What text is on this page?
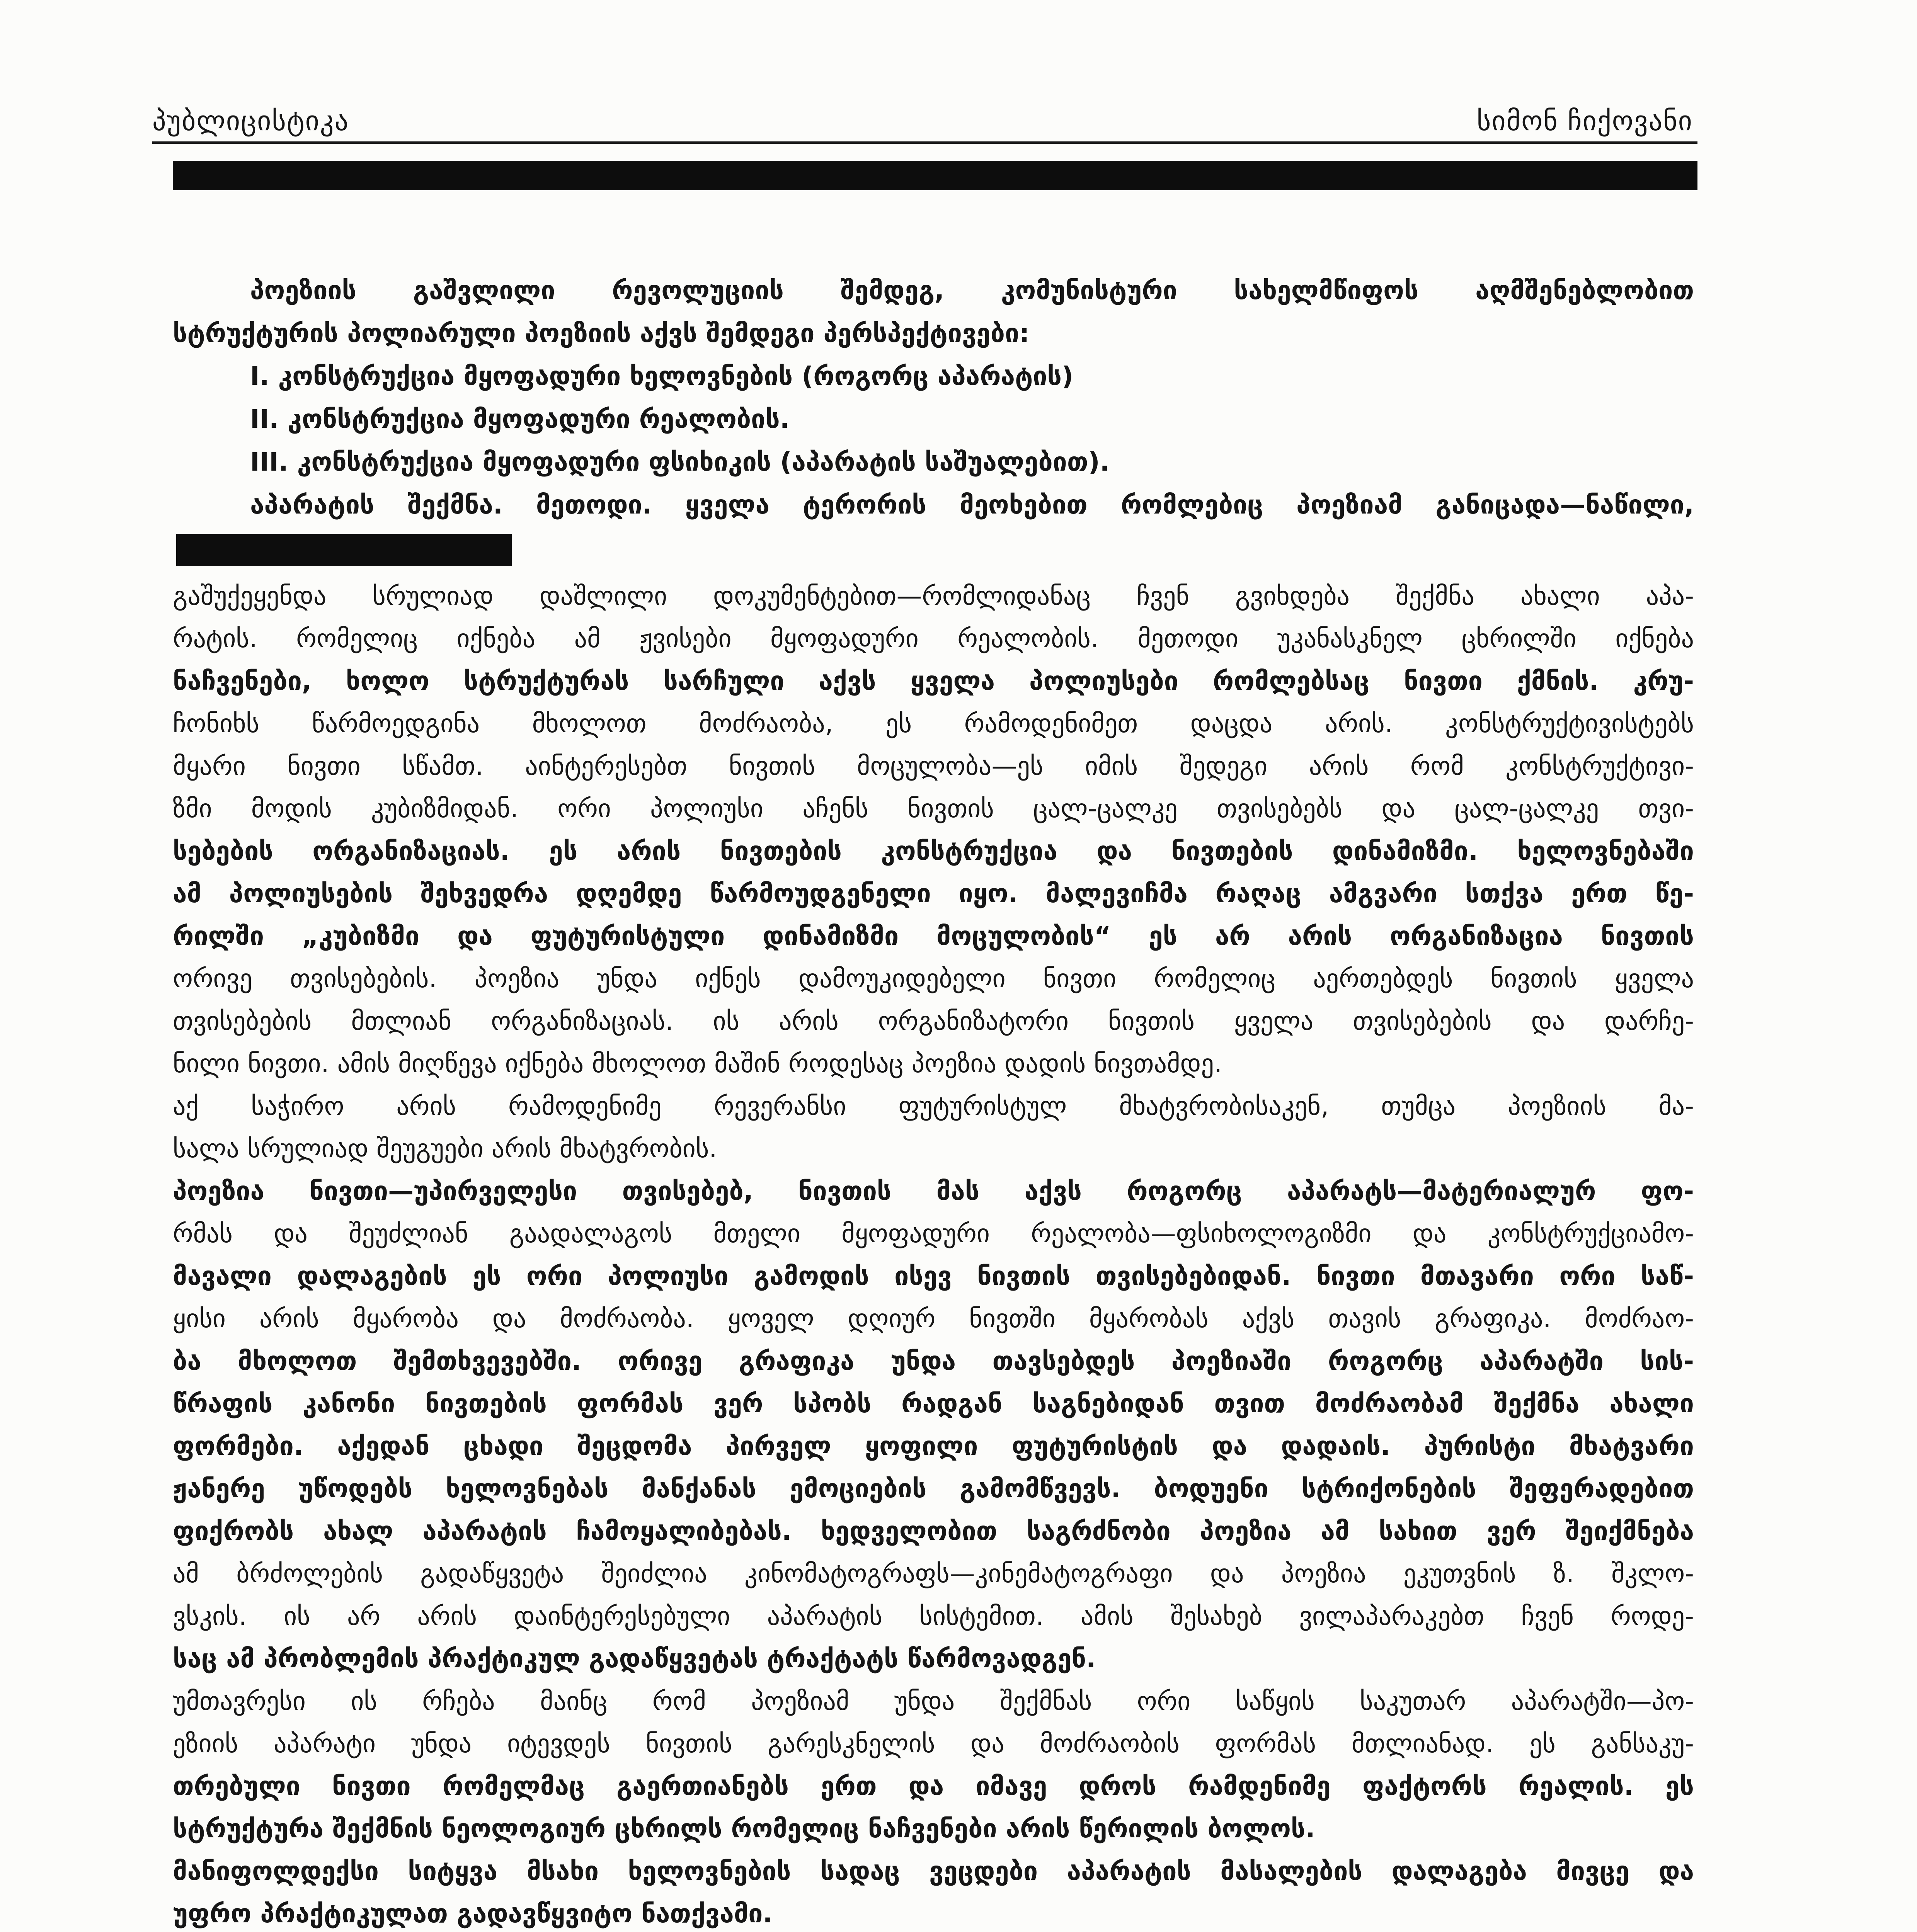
პუბლიცისტიკა	სიმონ ჩიქოვანი
პოეზიის გაშვლილი რევოლუციის შემდეგ, კომუნისტური სახელმწიფოს აღმშენებლობით
სტრუქტურის პოლიარული პოეზიის აქვს შემდეგი პერსპექტივები:
I. კონსტრუქცია მყოფადური ხელოვნების (როგორც აპარატის)
II. კონსტრუქცია მყოფადური რეალობის.
III. კონსტრუქცია მყოფადური ფსიხიკის (აპარატის საშუალებით).
აპარატის შექმნა. მეთოდი. ყველა ტერორის მეოხებით რომლებიც პოეზიამ განიცადა—ნაწილი,
გაშუქეყენდა სრულიად დაშლილი დოკუმენტებით—რომლიდანაც ჩვენ გვიხდება შექმნა ახალი აპა-
რატის. რომელიც იქნება ამ ჟვისები მყოფადური რეალობის. მეთოდი უკანასკნელ ცხრილში იქნება
ნაჩვენები, ხოლო სტრუქტურას სარჩული აქვს ყველა პოლიუსები რომლებსაც ნივთი ქმნის. კრუ-
ჩონიხს წარმოედგინა მხოლოთ მოძრაობა, ეს რამოდენიმეთ დაცდა არის. კონსტრუქტივისტებს
მყარი ნივთი სწამთ. აინტერესებთ ნივთის მოცულობა—ეს იმის შედეგი არის რომ კონსტრუქტივი-
ზმი მოდის კუბიზმიდან. ორი პოლიუსი აჩენს ნივთის ცალ-ცალკე თვისებებს და ცალ-ცალკე თვი-
სებების ორგანიზაციას. ეს არის ნივთების კონსტრუქცია და ნივთების დინამიზმი. ხელოვნებაში
ამ პოლიუსების შეხვედრა დღემდე წარმოუდგენელი იყო. მალევიჩმა რაღაც ამგვარი სთქვა ერთ წე-
რილში „კუბიზმი და ფუტურისტული დინამიზმი მოცულობის“ ეს არ არის ორგანიზაცია ნივთის
ორივე თვისებების. პოეზია უნდა იქნეს დამოუკიდებელი ნივთი რომელიც აერთებდეს ნივთის ყველა
თვისებების მთლიან ორგანიზაციას. ის არის ორგანიზატორი ნივთის ყველა თვისებების და დარჩე-
ნილი ნივთი. ამის მიღწევა იქნება მხოლოთ მაშინ როდესაც პოეზია დადის ნივთამდე.
აქ საჭირო არის რამოდენიმე რევერანსი ფუტურისტულ მხატვრობისაკენ, თუმცა პოეზიის მა-
სალა სრულიად შეუგუები არის მხატვრობის.
პოეზია ნივთი—უპირველესი თვისებებ, ნივთის მას აქვს როგორც აპარატს—მატერიალურ ფო-
რმას და შეუძლიან გაადალაგოს მთელი მყოფადური რეალობა—ფსიხოლოგიზმი და კონსტრუქციამო-
მავალი დალაგების ეს ორი პოლიუსი გამოდის ისევ ნივთის თვისებებიდან. ნივთი მთავარი ორი საწ-
ყისი არის მყარობა და მოძრაობა. ყოველ დღიურ ნივთში მყარობას აქვს თავის გრაფიკა. მოძრაო-
ბა მხოლოთ შემთხვევებში. ორივე გრაფიკა უნდა თავსებდეს პოეზიაში როგორც აპარატში სის-
წრაფის კანონი ნივთების ფორმას ვერ სპობს რადგან საგნებიდან თვით მოძრაობამ შექმნა ახალი
ფორმები. აქედან ცხადი შეცდომა პირველ ყოფილი ფუტურისტის და დადაის. პურისტი მხატვარი
ჟანერე უწოდებს ხელოვნებას მანქანას ემოციების გამომწვევს. ბოდუენი სტრიქონების შეფერადებით
ფიქრობს ახალ აპარატის ჩამოყალიბებას. ხედველობით საგრძნობი პოეზია ამ სახით ვერ შეიქმნება
ამ ბრძოლების გადაწყვეტა შეიძლია კინომატოგრაფს—კინემატოგრაფი და პოეზია ეკუთვნის ზ. შკლო-
ვსკის. ის არ არის დაინტერესებული აპარატის სისტემით. ამის შესახებ ვილაპარაკებთ ჩვენ როდე-
საც ამ პრობლემის პრაქტიკულ გადაწყვეტას ტრაქტატს წარმოვადგენ.
უმთავრესი ის რჩება მაინც რომ პოეზიამ უნდა შექმნას ორი საწყის საკუთარ აპარატში—პო-
ეზიის აპარატი უნდა იტევდეს ნივთის გარესკნელის და მოძრაობის ფორმას მთლიანად. ეს განსაკუ-
თრებული ნივთი რომელმაც გაერთიანებს ერთ და იმავე დროს რამდენიმე ფაქტორს რეალის. ეს
სტრუქტურა შექმნის ნეოლოგიურ ცხრილს რომელიც ნაჩვენები არის წერილის ბოლოს.
მანიფოლდექსი სიტყვა მსახი ხელოვნების სადაც ვეცდები აპარატის მასალების დალაგება მივცე და
უფრო პრაქტიკულათ გადავწყვიტო ნათქვამი.
